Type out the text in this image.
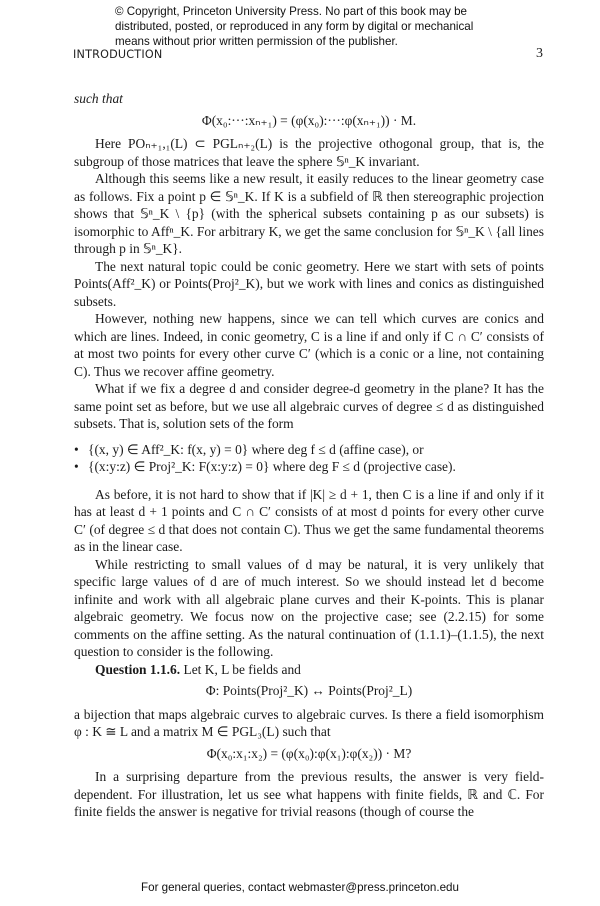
© Copyright, Princeton University Press. No part of this book may be distributed, posted, or reproduced in any form by digital or mechanical means without prior written permission of the publisher.
INTRODUCTION	3

such that

Φ(x₀:···:xₙ₊₁) = (φ(x₀):···:φ(xₙ₊₁)) · M.

Here POₙ₊₁,₁(L) ⊂ PGLₙ₊₂(L) is the projective othogonal group, that is, the subgroup of those matrices that leave the sphere 𝕊ⁿ_K invariant.

Although this seems like a new result, it easily reduces to the linear geometry case as follows. Fix a point p ∈ 𝕊ⁿ_K. If K is a subfield of ℝ then stereographic projection shows that 𝕊ⁿ_K \ {p} (with the spherical subsets containing p as our subsets) is isomorphic to Affⁿ_K. For arbitrary K, we get the same conclusion for 𝕊ⁿ_K \ {all lines through p in 𝕊ⁿ_K}.

The next natural topic could be conic geometry. Here we start with sets of points Points(Aff²_K) or Points(Proj²_K), but we work with lines and conics as distinguished subsets.

However, nothing new happens, since we can tell which curves are conics and which are lines. Indeed, in conic geometry, C is a line if and only if C ∩ C′ consists of at most two points for every other curve C′ (which is a conic or a line, not containing C). Thus we recover affine geometry.

What if we fix a degree d and consider degree-d geometry in the plane? It has the same point set as before, but we use all algebraic curves of degree ≤ d as distinguished subsets. That is, solution sets of the form

• {(x, y) ∈ Aff²_K: f(x, y) = 0} where deg f ≤ d (affine case), or
• {(x:y:z) ∈ Proj²_K: F(x:y:z) = 0} where deg F ≤ d (projective case).

As before, it is not hard to show that if |K| ≥ d + 1, then C is a line if and only if it has at least d + 1 points and C ∩ C′ consists of at most d points for every other curve C′ (of degree ≤ d that does not contain C). Thus we get the same fundamental theorems as in the linear case.

While restricting to small values of d may be natural, it is very unlikely that specific large values of d are of much interest. So we should instead let d become infinite and work with all algebraic plane curves and their K-points. This is planar algebraic geometry. We focus now on the projective case; see (2.2.15) for some comments on the affine setting. As the natural continuation of (1.1.1)–(1.1.5), the next question to consider is the following.

Question 1.1.6. Let K, L be fields and

Φ: Points(Proj²_K) ↔ Points(Proj²_L)

a bijection that maps algebraic curves to algebraic curves. Is there a field isomorphism φ : K ≅ L and a matrix M ∈ PGL₃(L) such that

Φ(x₀:x₁:x₂) = (φ(x₀):φ(x₁):φ(x₂)) · M?

In a surprising departure from the previous results, the answer is very field-dependent. For illustration, let us see what happens with finite fields, ℝ and ℂ. For finite fields the answer is negative for trivial reasons (though of course the

For general queries, contact webmaster@press.princeton.edu
